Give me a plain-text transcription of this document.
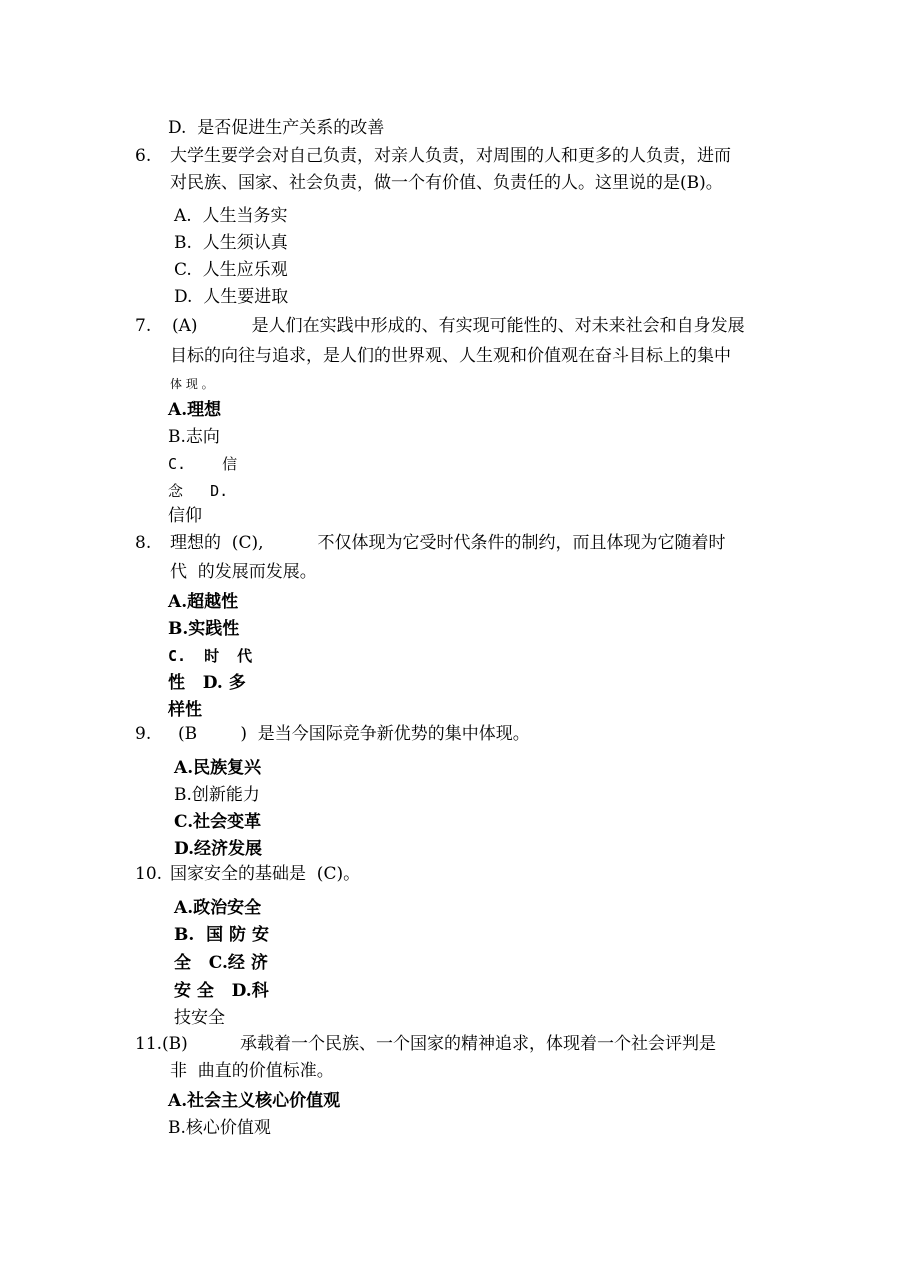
D.  是否促进生产关系的改善
6. 大学生要学会对自己负责，对亲人负责，对周围的人和更多的人负责，进而
对民族、国家、社会负责，做一个有价值、负责任的人。这里说的是(B)。
A.  人生当务实
B.  人生须认真
C.  人生应乐观
D.  人生要进取
7. (A)          是人们在实践中形成的、有实现可能性的、对未来社会和自身发展
目标的向往与追求，是人们的世界观、人生观和价值观在奋斗目标上的集中
体 现 。
A.理想
B.志向
C.    信
念   D.
信仰
8. 理想的  (C),          不仅体现为它受时代条件的制约，而且体现为它随着时
代  的发展而发展。
A.超越性
B.实践性
C.  时  代
性   D. 多
样性
9. (B        )  是当今国际竞争新优势的集中体现。
A.民族复兴
B.创新能力
C.社会变革
D.经济发展
10. 国家安全的基础是  (C)。
A.政治安全
B.  国 防 安
全   C.经 济
安 全   D.科
技安全
11.(B)	承载着一个民族、一个国家的精神追求，体现着一个社会评判是
非  曲直的价值标准。
A.社会主义核心价值观
B.核心价值观
